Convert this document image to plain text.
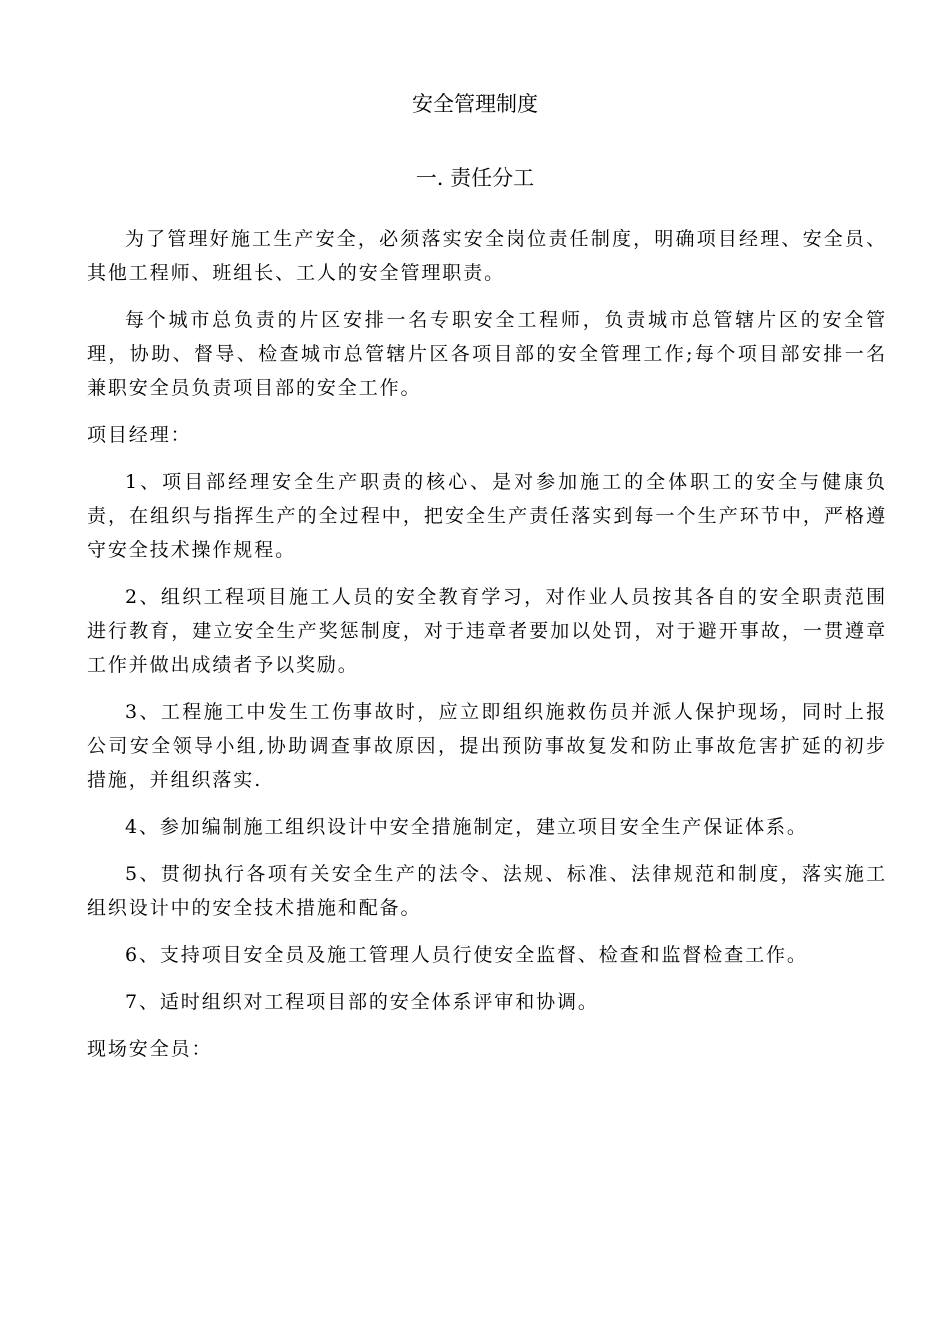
安全管理制度
一. 责任分工

为了管理好施工生产安全，必须落实安全岗位责任制度，明确项目经理、安全员、其他工程师、班组长、工人的安全管理职责。

每个城市总负责的片区安排一名专职安全工程师，负责城市总管辖片区的安全管理，协助、督导、检查城市总管辖片区各项目部的安全管理工作;每个项目部安排一名兼职安全员负责项目部的安全工作。

项目经理：

1、项目部经理安全生产职责的核心、是对参加施工的全体职工的安全与健康负责，在组织与指挥生产的全过程中，把安全生产责任落实到每一个生产环节中，严格遵守安全技术操作规程。

2、组织工程项目施工人员的安全教育学习，对作业人员按其各自的安全职责范围进行教育，建立安全生产奖惩制度，对于违章者要加以处罚，对于避开事故，一贯遵章工作并做出成绩者予以奖励。

3、工程施工中发生工伤事故时，应立即组织施救伤员并派人保护现场，同时上报公司安全领导小组,协助调查事故原因，提出预防事故复发和防止事故危害扩延的初步措施，并组织落实.

4、参加编制施工组织设计中安全措施制定，建立项目安全生产保证体系。

5、贯彻执行各项有关安全生产的法令、法规、标准、法律规范和制度，落实施工组织设计中的安全技术措施和配备。

6、支持项目安全员及施工管理人员行使安全监督、检查和监督检查工作。

7、适时组织对工程项目部的安全体系评审和协调。

现场安全员：
